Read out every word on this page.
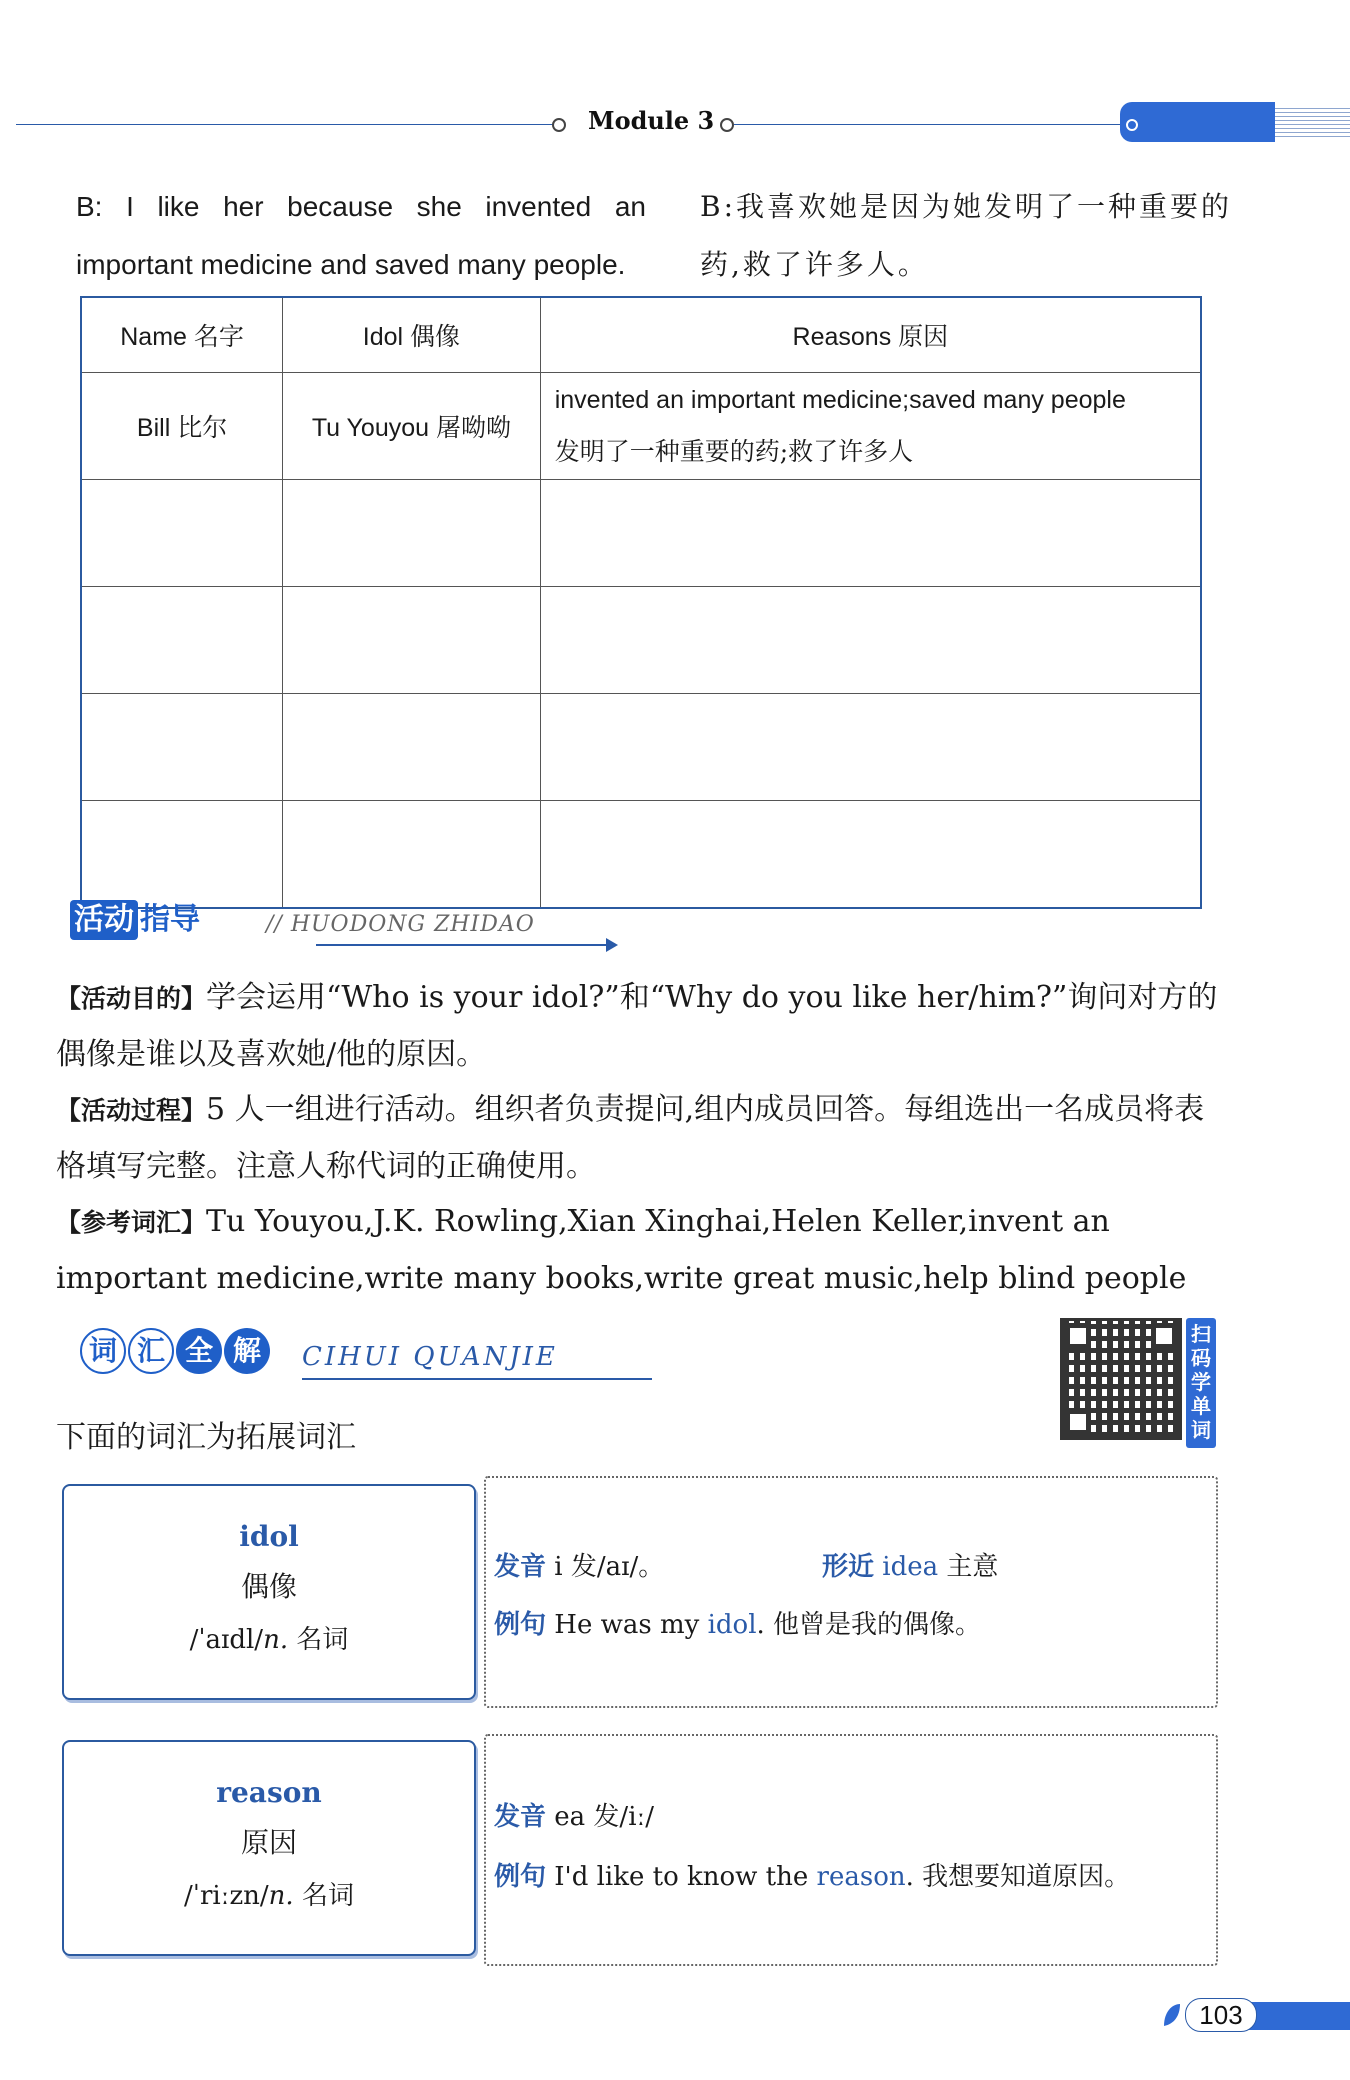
Module 3
B: I like her because she invented an important medicine and saved many people.
B:我喜欢她是因为她发明了一种重要的药,救了许多人。
Name 名字	Idol 偶像	Reasons 原因
Bill 比尔	Tu Youyou 屠呦呦	invented an important medicine;saved many people
发明了一种重要的药;救了许多人

活动 指导	// HUODONG ZHIDAO
【活动目的】学会运用“Who is your idol?”和“Why do you like her/him?”询问对方的偶像是谁以及喜欢她/他的原因。
【活动过程】5 人一组进行活动。组织者负责提问,组内成员回答。每组选出一名成员将表格填写完整。注意人称代词的正确使用。
【参考词汇】Tu Youyou,J.K. Rowling,Xian Xinghai,Helen Keller,invent an important medicine,write many books,write great music,help blind people
词 汇 全 解 CIHUI QUANJIE
扫
码
学
单
词
下面的词汇为拓展词汇
idol
偶像
/ˈaɪdl/n. 名词
发音 i 发/aɪ/。	形近 idea 主意
例句 He was my idol. 他曾是我的偶像。
reason
原因
/ˈriːzn/n. 名词
发音 ea 发/iː/
例句 I'd like to know the reason. 我想要知道原因。
103
